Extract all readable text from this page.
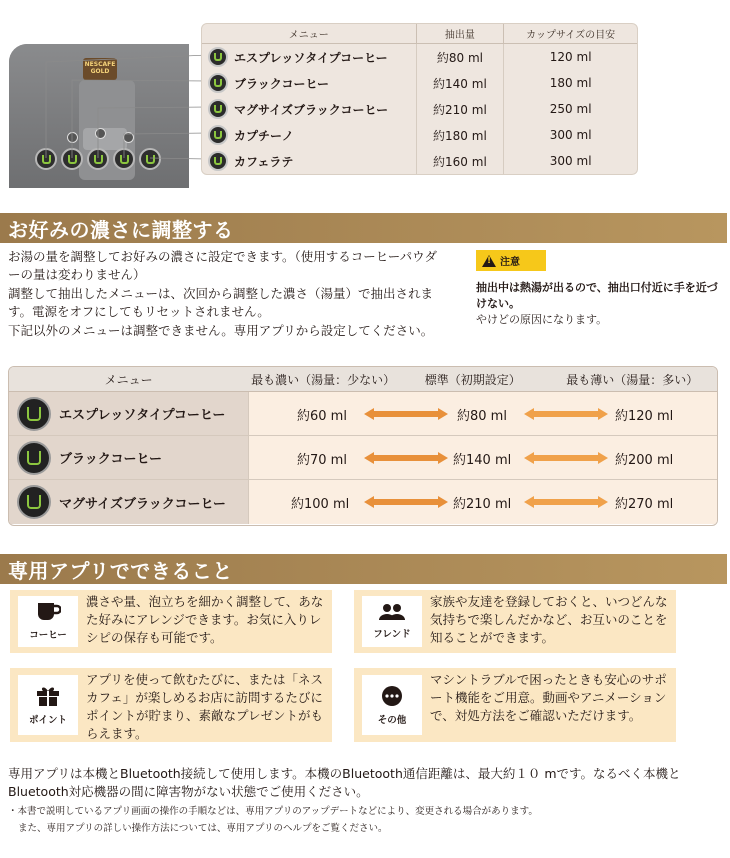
NESCAFE
GOLD
メニュー	抽出量	カップサイズの目安
エスプレッソタイプコーヒー	約80 ml	120 ml
ブラックコーヒー	約140 ml	180 ml
マグサイズブラックコーヒー	約210 ml	250 ml
カプチーノ	約180 ml	300 ml
カフェラテ	約160 ml	300 ml
お好みの濃さに調整する

お湯の量を調整してお好みの濃さに設定できます。（使用するコーヒーパウダーの量は変わりません）

調整して抽出したメニューは、次回から調整した濃さ（湯量）で抽出されます。電源をオフにしてもリセットされません。

下記以外のメニューは調整できません。専用アプリから設定してください。

!
注意

抽出中は熱湯が出るので、抽出口付近に手を近づけない。

やけどの原因になります。

メニュー	最も濃い（湯量：少ない）	標準（初期設定）	最も薄い（湯量：多い）
エスプレッソタイプコーヒー	約60 ml	約80 ml	約120 ml
ブラックコーヒー	約70 ml	約140 ml	約200 ml
マグサイズブラックコーヒー	約100 ml	約210 ml	約270 ml
専用アプリでできること
コーヒー
濃さや量、泡立ちを細かく調整して、あなた好みにアレンジできます。お気に入りレシピの保存も可能です。	フレンド
家族や友達を登録しておくと、いつどんな気持ちで楽しんだかなど、お互いのことを知ることができます。
ポイント
アプリを使って飲むたびに、または「ネスカフェ」が楽しめるお店に訪問するたびにポイントが貯まり、素敵なプレゼントがもらえます。
その他
マシントラブルで困ったときも安心のサポート機能をご用意。動画やアニメーションで、対処方法をご確認いただけます。
専用アプリは本機とBluetooth接続して使用します。本機のBluetooth通信距離は、最大約１０ mです。なるべく本機とBluetooth対応機器の間に障害物がない状態でご使用ください。
・本書で説明しているアプリ画面の操作の手順などは、専用アプリのアップデートなどにより、変更される場合があります。
また、専用アプリの詳しい操作方法については、専用アプリのヘルプをご覧ください。
